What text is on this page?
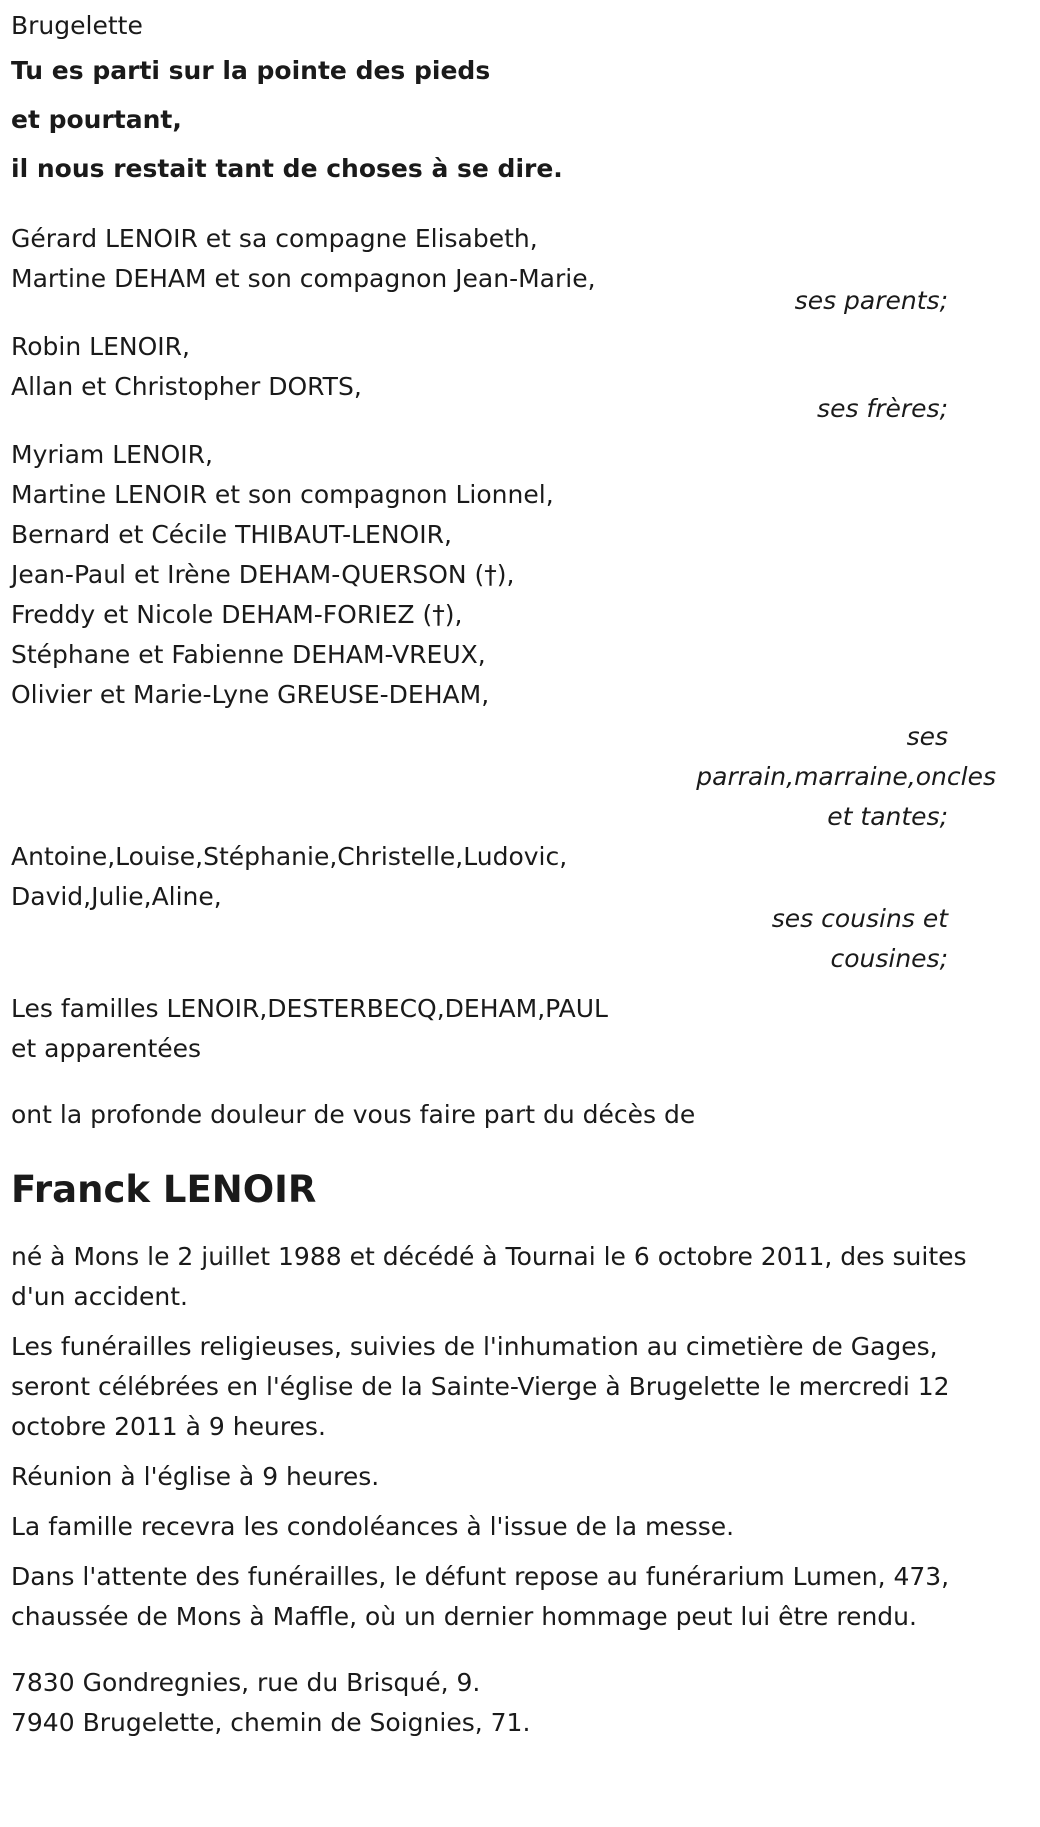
Brugelette
Tu es parti sur la pointe des pieds
et pourtant,
il nous restait tant de choses à se dire.
Gérard LENOIR et sa compagne Elisabeth,
Martine DEHAM et son compagnon Jean-Marie,
ses parents;
Robin LENOIR,
Allan et Christopher DORTS,
ses frères;
Myriam LENOIR,
Martine LENOIR et son compagnon Lionnel,
Bernard et Cécile THIBAUT-LENOIR,
Jean-Paul et Irène DEHAM-QUERSON (†),
Freddy et Nicole DEHAM-FORIEZ (†),
Stéphane et Fabienne DEHAM-VREUX,
Olivier et Marie-Lyne GREUSE-DEHAM,
ses
parrain,marraine,oncles
et tantes;
Antoine,Louise,Stéphanie,Christelle,Ludovic,
David,Julie,Aline,
ses cousins et
cousines;
Les familles LENOIR,DESTERBECQ,DEHAM,PAUL
et apparentées
ont la profonde douleur de vous faire part du décès de
Franck LENOIR
né à Mons le 2 juillet 1988 et décédé à Tournai le 6 octobre 2011, des suites d'un accident.
Les funérailles religieuses, suivies de l'inhumation au cimetière de Gages, seront célébrées en l'église de la Sainte-Vierge à Brugelette le mercredi 12 octobre 2011 à 9 heures.
Réunion à l'église à 9 heures.
La famille recevra les condoléances à l'issue de la messe.
Dans l'attente des funérailles, le défunt repose au funérarium Lumen, 473, chaussée de Mons à Maffle, où un dernier hommage peut lui être rendu.
7830 Gondregnies, rue du Brisqué, 9.
7940 Brugelette, chemin de Soignies, 71.
